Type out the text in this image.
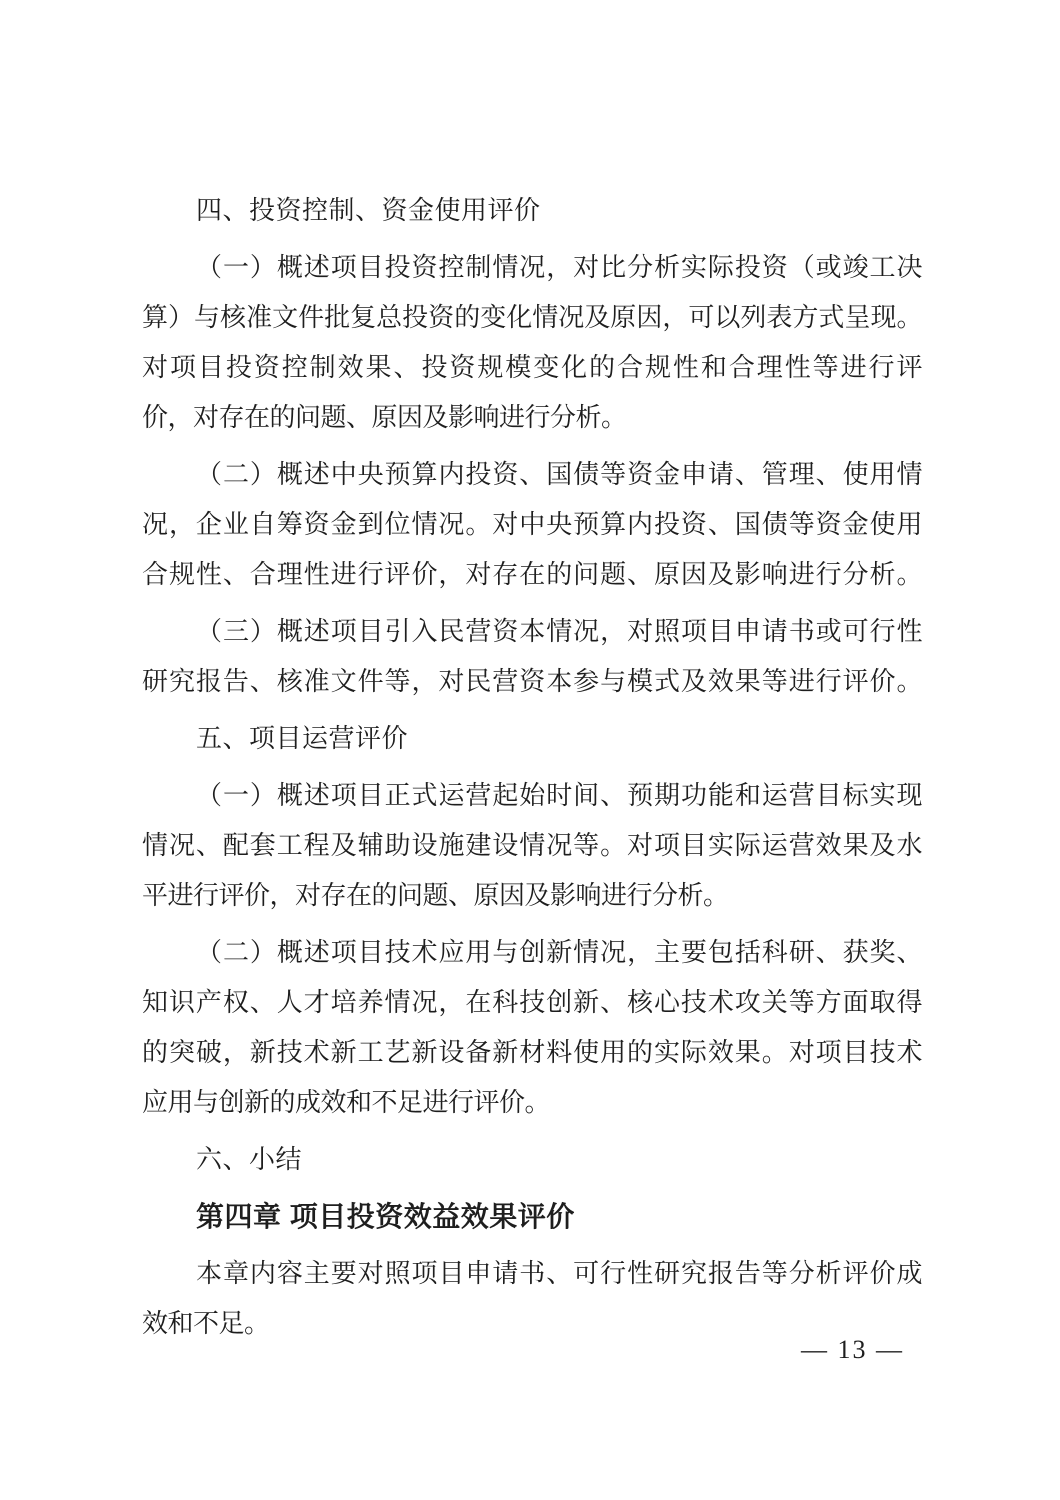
四、投资控制、资金使用评价
（一）概述项目投资控制情况，对比分析实际投资（或竣工决
算）与核准文件批复总投资的变化情况及原因，可以列表方式呈现。
对项目投资控制效果、投资规模变化的合规性和合理性等进行评
价，对存在的问题、原因及影响进行分析。
（二）概述中央预算内投资、国债等资金申请、管理、使用情
况，企业自筹资金到位情况。对中央预算内投资、国债等资金使用
合规性、合理性进行评价，对存在的问题、原因及影响进行分析。
（三）概述项目引入民营资本情况，对照项目申请书或可行性
研究报告、核准文件等，对民营资本参与模式及效果等进行评价。
五、项目运营评价
（一）概述项目正式运营起始时间、预期功能和运营目标实现
情况、配套工程及辅助设施建设情况等。对项目实际运营效果及水
平进行评价，对存在的问题、原因及影响进行分析。
（二）概述项目技术应用与创新情况，主要包括科研、获奖、
知识产权、人才培养情况，在科技创新、核心技术攻关等方面取得
的突破，新技术新工艺新设备新材料使用的实际效果。对项目技术
应用与创新的成效和不足进行评价。
六、小结
第四章 项目投资效益效果评价
本章内容主要对照项目申请书、可行性研究报告等分析评价成
效和不足。
— 13 —
